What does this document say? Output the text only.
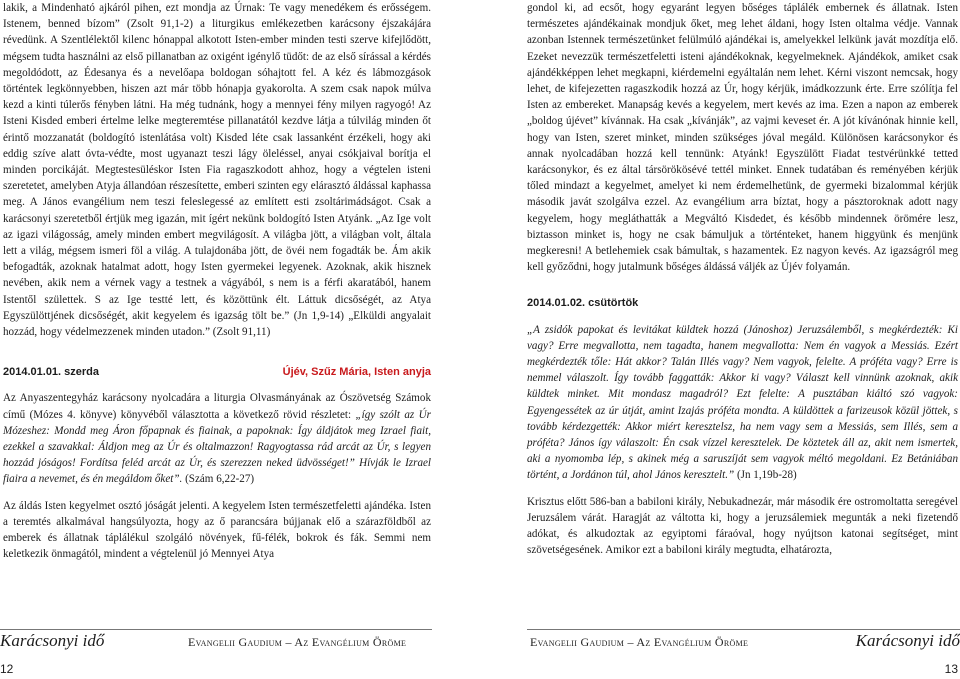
lakik, a Mindenható ajkáról pihen, ezt mondja az Úrnak: Te vagy menedékem és erősségem. Istenem, benned bízom” (Zsolt 91,1-2) a liturgikus emlékezetben karácsony éjszakájára révedünk. A Szentlélektől kilenc hónappal alkotott Isten-ember minden testi szerve kifejlődött, mégsem tudta használni az első pillanatban az oxigént igénylő tüdőt: de az első sírással a kérdés megoldódott, az Édesanya és a nevelőapa boldogan sóhajtott fel. A kéz és lábmozgások történtek legkönnyebben, hiszen azt már több hónapja gyakorolta. A szem csak napok múlva kezd a kinti túlerős fényben látni. Ha még tudnánk, hogy a mennyei fény milyen ragyogó! Az Isteni Kisded emberi értelme lelke megteremtése pillanatától kezdve látja a túlvilág minden őt érintő mozzanatát (boldogító istenlátása volt) Kisded léte csak lassanként érzékeli, hogy aki eddig szíve alatt óvta-védte, most ugyanazt teszi lágy öleléssel, anyai csókjaival borítja el minden porcikáját. Megtestesüléskor Isten Fia ragaszkodott ahhoz, hogy a végtelen isteni szeretetet, amelyben Atyja állandóan részesítette, emberi szinten egy elárasztó áldással kaphassa meg. A János evangélium nem teszi feleslegessé az említett esti zsoltárimádságot. Csak a karácsonyi szeretetből értjük meg igazán, mit ígért nekünk boldogító Isten Atyánk. „Az Ige volt az igazi világosság, amely minden embert megvilágosít. A világba jött, a világban volt, általa lett a világ, mégsem ismeri föl a világ. A tulajdonába jött, de övéi nem fogadták be. Ám akik befogadták, azoknak hatalmat adott, hogy Isten gyermekei legyenek. Azoknak, akik hisznek nevében, akik nem a vérnek vagy a testnek a vágyából, s nem is a férfi akaratából, hanem Istentől születtek. S az Ige testté lett, és közöttünk élt. Láttuk dicsőségét, az Atya Egyszülöttjének dicsőségét, akit kegyelem és igazság tölt be.” (Jn 1,9-14) „Elküldi angyalait hozzád, hogy védelmezzenek minden utadon.” (Zsolt 91,11)

2014.01.01. szerda	Újév, Szűz Mária, Isten anyja

Az Anyaszentegyház karácsony nyolcadára a liturgia Olvasmányának az Ószövetség Számok című (Mózes 4. könyve) könyvéből választotta a következő rövid részletet: „így szólt az Úr Mózeshez: Mondd meg Áron főpapnak és fiainak, a papoknak: Így áldjátok meg Izrael fiait, ezekkel a szavakkal: Áldjon meg az Úr és oltalmazzon! Ragyogtassa rád arcát az Úr, s legyen hozzád jóságos! Fordítsa feléd arcát az Úr, és szerezzen neked üdvösséget!” Hívják le Izrael fiaira a nevemet, és én megáldom őket”. (Szám 6,22-27)

Az áldás Isten kegyelmet osztó jóságát jelenti. A kegyelem Isten természetfeletti ajándéka. Isten a teremtés alkalmával hangsúlyozta, hogy az ő parancsára bújjanak elő a szárazföldből az emberek és állatnak táplálékul szolgáló növények, fű-félék, bokrok és fák. Semmi nem keletkezik önmagától, mindent a végtelenül jó Mennyei Atya

gondol ki, ad ecsőt, hogy egyaránt legyen bőséges táplálék embernek és állatnak. Isten természetes ajándékainak mondjuk őket, meg lehet áldani, hogy Isten oltalma védje. Vannak azonban Istennek természetünket felülmúló ajándékai is, amelyekkel lelkünk javát mozdítja elő. Ezeket nevezzük természetfeletti isteni ajándékoknak, kegyelmeknek. Ajándékok, amiket csak ajándékképpen lehet megkapni, kiérdemelni egyáltalán nem lehet. Kérni viszont nemcsak, hogy lehet, de kifejezetten ragaszkodik hozzá az Úr, hogy kérjük, imádkozzunk érte. Erre szólítja fel Isten az embereket. Manapság kevés a kegyelem, mert kevés az ima. Ezen a napon az emberek „boldog újévet” kívánnak. Ha csak „kívánják”, az vajmi keveset ér. A jót kívánónak hinnie kell, hogy van Isten, szeret minket, minden szükséges jóval megáld. Különösen karácsonykor és annak nyolcadában hozzá kell tennünk: Atyánk! Egyszülött Fiadat testvérünkké tetted karácsonykor, és ez által társörökösévé tettél minket. Ennek tudatában és reményében kérjük tőled mindazt a kegyelmet, amelyet ki nem érdemelhetünk, de gyermeki bizalommal kérjük második javát szolgálva ezzel. Az evangélium arra bíztat, hogy a pásztoroknak adott nagy kegyelem, hogy megláthatták a Megváltó Kisdedet, és később mindennek örömére lesz, biztasson minket is, hogy ne csak bámuljuk a történteket, hanem higgyünk és menjünk megkeresni! A betlehemiek csak bámultak, s hazamentek. Ez nagyon kevés. Az igazságról meg kell győződni, hogy jutalmunk bőséges áldássá váljék az Újév folyamán.

2014.01.02. csütörtök

„A zsidók papokat és levitákat küldtek hozzá (Jánoshoz) Jeruzsálemből, s megkérdezték: Ki vagy? Erre megvallotta, nem tagadta, hanem megvallotta: Nem én vagyok a Messiás. Ezért megkérdezték tőle: Hát akkor? Talán Illés vagy? Nem vagyok, felelte. A próféta vagy? Erre is nemmel válaszolt. Így tovább faggatták: Akkor ki vagy? Választ kell vinnünk azoknak, akik küldtek minket. Mit mondasz magadról? Ezt felelte: A pusztában kiáltó szó vagyok: Egyengessétek az úr útját, amint Izajás próféta mondta. A küldöttek a farizeusok közül jöttek, s tovább kérdezgették: Akkor miért keresztelsz, ha nem vagy sem a Messiás, sem Illés, sem a próféta? János így válaszolt: Én csak vízzel keresztelek. De köztetek áll az, akit nem ismertek, aki a nyomomba lép, s akinek még a saruszíját sem vagyok méltó megoldani. Ez Betániában történt, a Jordánon túl, ahol János keresztelt.” (Jn 1,19b-28)

Krisztus előtt 586-ban a babiloni király, Nebukadnezár, már második ére ostromoltatta seregével Jeruzsálem várát. Haragját az váltotta ki, hogy a jeruzsálemiek megunták a neki fizetendő adókat, és alkudoztak az egyiptomi fáraóval, hogy nyújtson katonai segítséget, mint szövetségesének. Amikor ezt a babiloni király megtudta, elhatározta,

Karácsonyi idő	Evangelii Gaudium – Az Evangélium Öröme	Evangelii Gaudium – Az Evangélium Öröme	Karácsonyi idő
12	13
